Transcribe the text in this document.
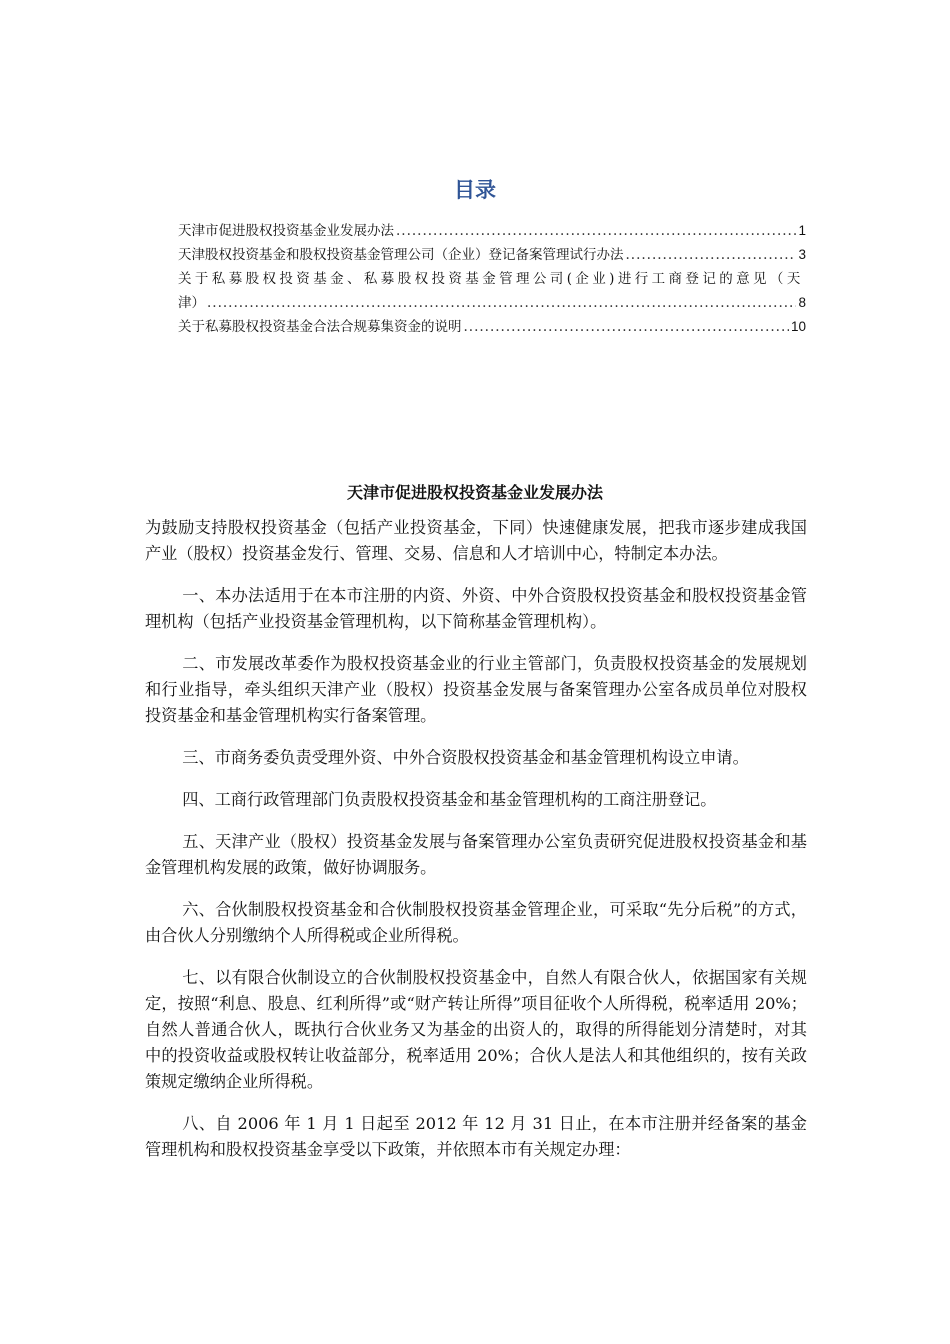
目录
天津市促进股权投资基金业发展办法 .....	1
天津股权投资基金和股权投资基金管理公司（企业）登记备案管理试行办法 .....	3
关于私募股权投资基金、私募股权投资基金管理公司(企业)进行工商登记的意见（天
津） .....	8
关于私募股权投资基金合法合规募集资金的说明 .....	10
天津市促进股权投资基金业发展办法

为鼓励支持股权投资基金（包括产业投资基金，下同）快速健康发展，把我市逐步建成我国产业（股权）投资基金发行、管理、交易、信息和人才培训中心，特制定本办法。

一、本办法适用于在本市注册的内资、外资、中外合资股权投资基金和股权投资基金管理机构（包括产业投资基金管理机构，以下简称基金管理机构）。

二、市发展改革委作为股权投资基金业的行业主管部门，负责股权投资基金的发展规划和行业指导，牵头组织天津产业（股权）投资基金发展与备案管理办公室各成员单位对股权投资基金和基金管理机构实行备案管理。

三、市商务委负责受理外资、中外合资股权投资基金和基金管理机构设立申请。

四、工商行政管理部门负责股权投资基金和基金管理机构的工商注册登记。

五、天津产业（股权）投资基金发展与备案管理办公室负责研究促进股权投资基金和基金管理机构发展的政策，做好协调服务。

六、合伙制股权投资基金和合伙制股权投资基金管理企业，可采取“先分后税”的方式，由合伙人分别缴纳个人所得税或企业所得税。

七、以有限合伙制设立的合伙制股权投资基金中，自然人有限合伙人，依据国家有关规定，按照“利息、股息、红利所得”或“财产转让所得”项目征收个人所得税，税率适用 20%；自然人普通合伙人，既执行合伙业务又为基金的出资人的，取得的所得能划分清楚时，对其中的投资收益或股权转让收益部分，税率适用 20%；合伙人是法人和其他组织的，按有关政策规定缴纳企业所得税。

八、自 2006 年 1 月 1 日起至 2012 年 12 月 31 日止，在本市注册并经备案的基金管理机构和股权投资基金享受以下政策，并依照本市有关规定办理：
